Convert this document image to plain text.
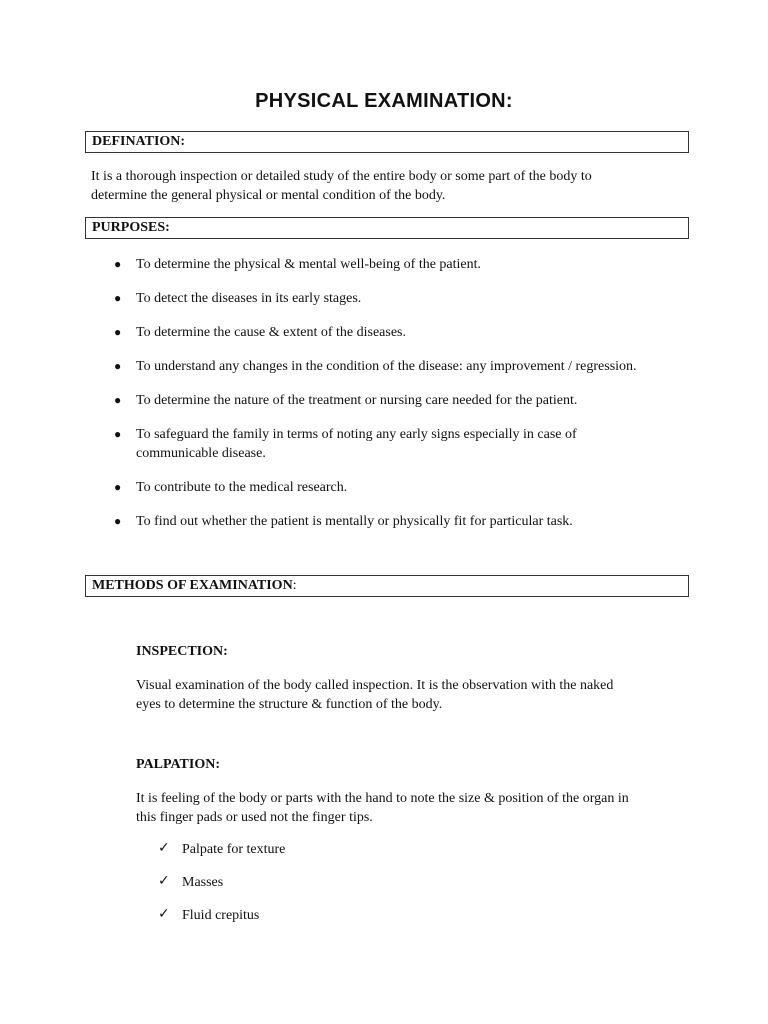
PHYSICAL EXAMINATION:
DEFINATION:
It is a thorough inspection or detailed study of the entire body or some part of the body to
determine the general physical or mental condition of the body.
PURPOSES:
● To determine the physical & mental well-being of the patient.
● To detect the diseases in its early stages.
● To determine the cause & extent of the diseases.
● To understand any changes in the condition of the disease: any improvement / regression.
● To determine the nature of the treatment or nursing care needed for the patient.
● To safeguard the family in terms of noting any early signs especially in case of communicable disease.
● To contribute to the medical research.
● To find out whether the patient is mentally or physically fit for particular task.
METHODS OF EXAMINATION:
INSPECTION:
Visual examination of the body called inspection. It is the observation with the naked
eyes to determine the structure & function of the body.
PALPATION:
It is feeling of the body or parts with the hand to note the size & position of the organ in
this finger pads or used not the finger tips.
✓ Palpate for texture
✓ Masses
✓ Fluid crepitus
